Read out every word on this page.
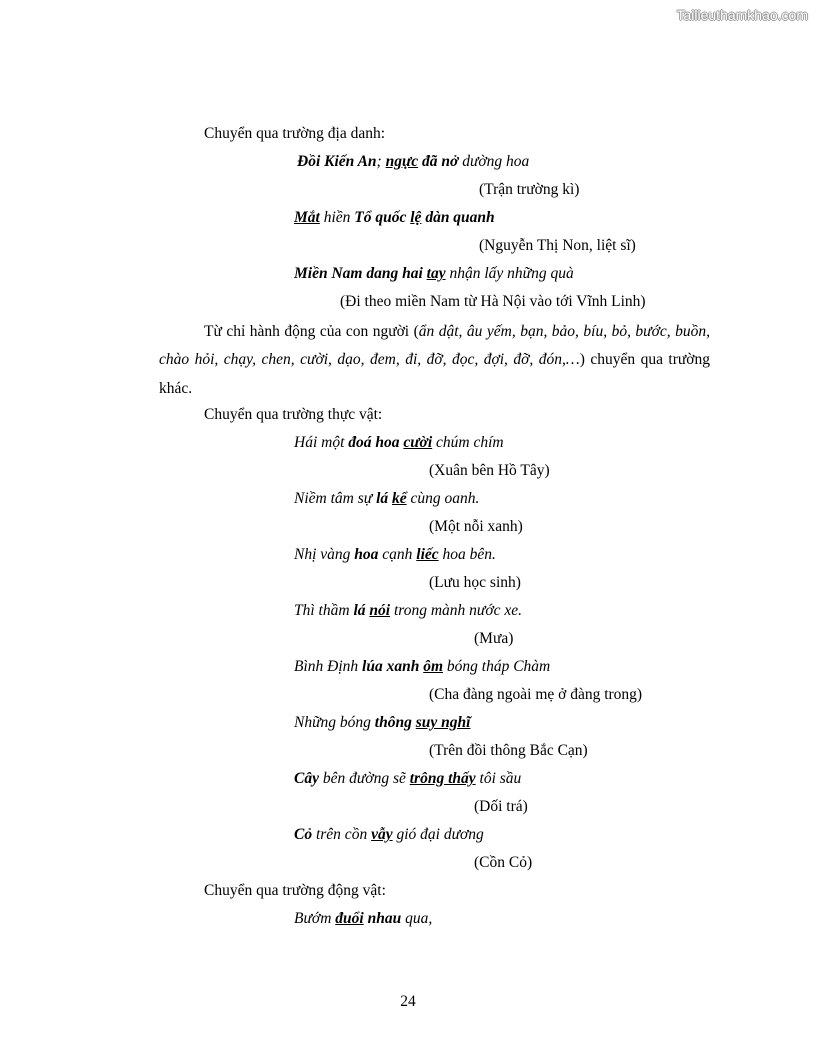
Tailieuthamkhao.com
Chuyển qua trường địa danh:
Đồi Kiến An; ngực đã nở dường hoa
(Trận trường kì)
Mắt hiền Tổ quốc lệ dàn quanh
(Nguyễn Thị Non, liệt sĩ)
Miền Nam dang hai tay nhận lấy những quà
(Đi theo miền Nam từ Hà Nội vào tới Vĩnh Linh)
Từ chỉ hành động của con người (ẩn dật, âu yếm, bạn, bảo, bíu, bỏ, bước, buồn, chào hỏi, chạy, chen, cười, dạo, đem, đi, đỡ, đọc, đợi, đỡ, đón,…) chuyển qua trường khác.
Chuyển qua trường thực vật:
Hái một đoá hoa cười chúm chím
(Xuân bên Hồ Tây)
Niềm tâm sự lá kể cùng oanh.
(Một nỗi xanh)
Nhị vàng hoa cạnh liếc hoa bên.
(Lưu học sinh)
Thì thầm lá nói trong mành nước xe.
(Mưa)
Bình Định lúa xanh ôm bóng tháp Chàm
(Cha đàng ngoài mẹ ở đàng trong)
Những bóng thông suy nghĩ
(Trên đồi thông Bắc Cạn)
Cây bên đường sẽ trông thấy tôi sầu
(Dối trá)
Cỏ trên cồn vẫy gió đại dương
(Cồn Cỏ)
Chuyển qua trường động vật:
Bướm đuổi nhau qua,
24
